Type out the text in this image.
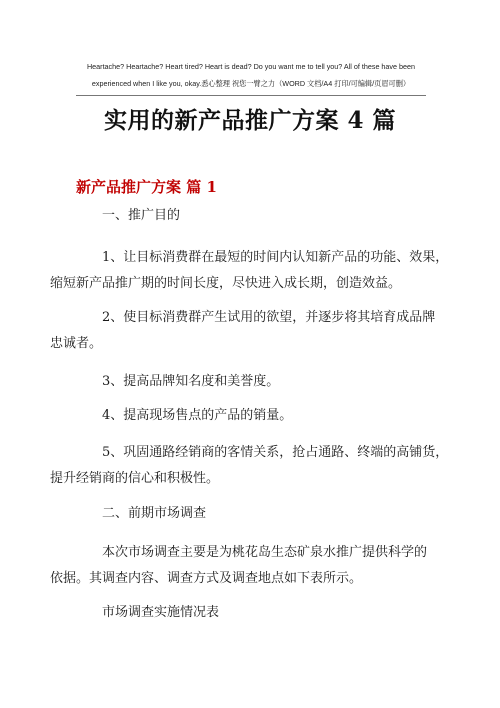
Heartache? Heartache? Heart tired? Heart is dead? Do you want me to tell you? All of these have been
experienced when I like you, okay.悉心整理 祝您一臂之力（WORD 文档/A4 打印/可编辑/页眉可删）
实用的新产品推广方案 4 篇
新产品推广方案 篇 1
一、推广目的
1、让目标消费群在最短的时间内认知新产品的功能、效果，
缩短新产品推广期的时间长度，尽快进入成长期，创造效益。
2、使目标消费群产生试用的欲望，并逐步将其培育成品牌
忠诚者。
3、提高品牌知名度和美誉度。
4、提高现场售点的产品的销量。
5、巩固通路经销商的客情关系，抢占通路、终端的高铺货，
提升经销商的信心和积极性。
二、前期市场调查
本次市场调查主要是为桃花岛生态矿泉水推广提供科学的
依据。其调查内容、调查方式及调查地点如下表所示。
市场调查实施情况表
